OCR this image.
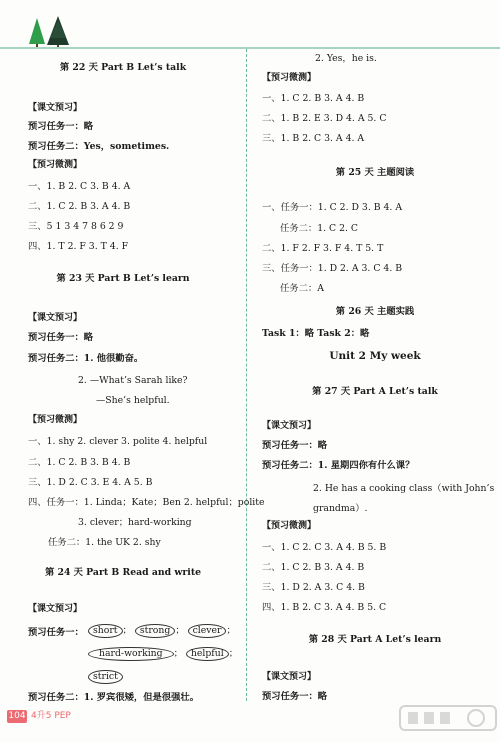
第 22 天 Part B Let’s talk
【课文预习】
预习任务一：略
预习任务二：Yes，sometimes.
【预习微测】
一、1. B 2. C 3. B 4. A
二、1. C 2. B 3. A 4. B
三、5 1 3 4 7 8 6 2 9
四、1. T 2. F 3. T 4. F
第 23 天 Part B Let’s learn
【课文预习】
预习任务一：略
预习任务二：1. 他很勤奋。
2. —What’s Sarah like?
—She’s helpful.
【预习微测】
一、1. shy 2. clever 3. polite 4. helpful
二、1. C 2. B 3. B 4. B
三、1. D 2. C 3. E 4. A 5. B
四、任务一：1. Linda；Kate；Ben 2. helpful；polite
3. clever；hard-working
任务二：1. the UK 2. shy
第 24 天 Part B Read and write
【课文预习】
预习任务一： short ； strong ； clever ；
hard-working ； helpful ；
strict
预习任务二：1. 罗宾很矮，但是很强壮。
2. Yes，he is.
【预习微测】
一、1. C 2. B 3. A 4. B
二、1. B 2. E 3. D 4. A 5. C
三、1. B 2. C 3. A 4. A
第 25 天 主题阅读
一、任务一：1. C 2. D 3. B 4. A
任务二：1. C 2. C
二、1. F 2. F 3. F 4. T 5. T
三、任务一：1. D 2. A 3. C 4. B
任务二：A
第 26 天 主题实践
Task 1：略 Task 2：略
Unit 2 My week
第 27 天 Part A Let’s talk
【课文预习】
预习任务一：略
预习任务二：1. 星期四你有什么课？
2. He has a cooking class（with John’s
grandma）.
【预习微测】
一、1. C 2. C 3. A 4. B 5. B
二、1. C 2. B 3. A 4. B
三、1. D 2. A 3. C 4. B
四、1. B 2. C 3. A 4. B 5. C
第 28 天 Part A Let’s learn
【课文预习】
预习任务一：略
104 4升5 PEP
